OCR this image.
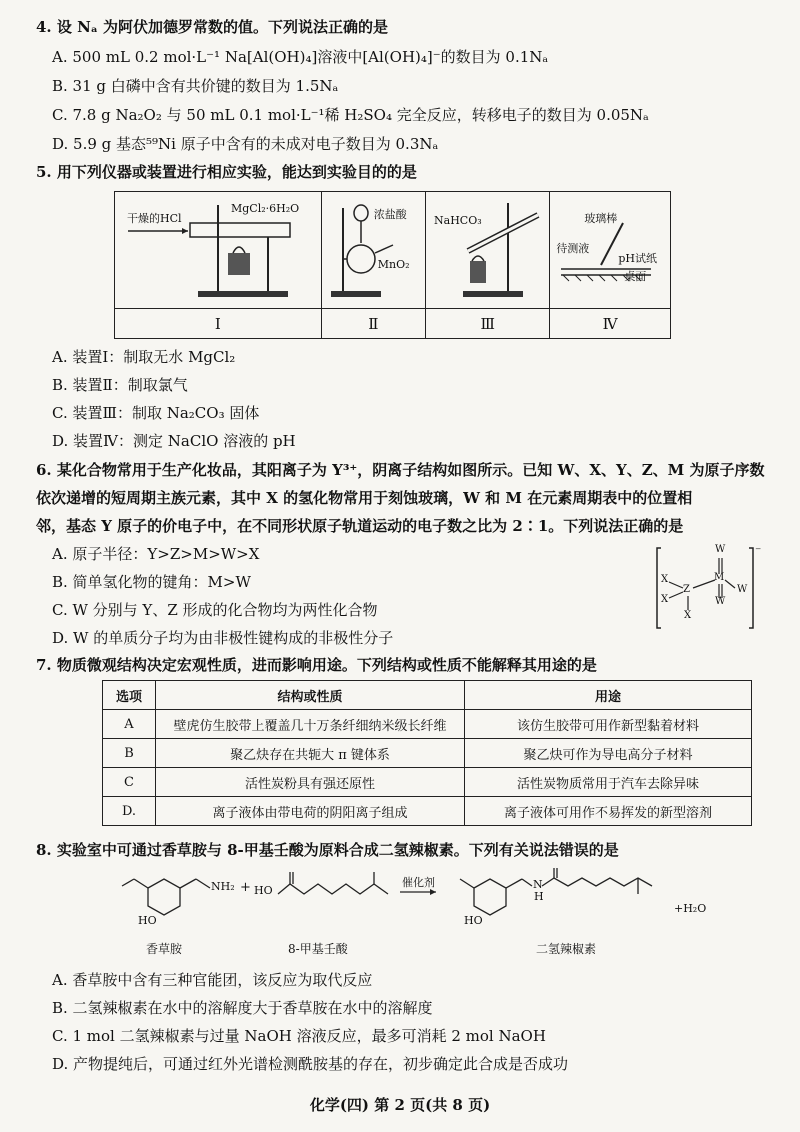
4. 设 Nₐ 为阿伏加德罗常数的值。下列说法正确的是
A. 500 mL 0.2 mol·L⁻¹ Na[Al(OH)₄]溶液中[Al(OH)₄]⁻的数目为 0.1Nₐ
B. 31 g 白磷中含有共价键的数目为 1.5Nₐ
C. 7.8 g Na₂O₂ 与 50 mL 0.1 mol·L⁻¹稀 H₂SO₄ 完全反应，转移电子的数目为 0.05Nₐ
D. 5.9 g 基态⁵⁹Ni 原子中含有的未成对电子数目为 0.3Nₐ
5. 用下列仪器或装置进行相应实验，能达到实验目的的是
干燥的HCl
MgCl₂·6H₂O	浓盐酸
MnO₂	NaHCO₃	玻璃棒
待测液
pH试纸
桌面

Ⅰ	Ⅱ	Ⅲ	Ⅳ
A. 装置Ⅰ：制取无水 MgCl₂
B. 装置Ⅱ：制取氯气
C. 装置Ⅲ：制取 Na₂CO₃ 固体
D. 装置Ⅳ：测定 NaClO 溶液的 pH
6. 某化合物常用于生产化妆品，其阳离子为 Y³⁺，阴离子结构如图所示。已知 W、X、Y、Z、M 为原子序数
依次递增的短周期主族元素，其中 X 的氢化物常用于刻蚀玻璃，W 和 M 在元素周期表中的位置相
邻，基态 Y 原子的价电子中，在不同形状原子轨道运动的电子数之比为 2∶1。下列说法正确的是
A. 原子半径：Y>Z>M>W>X
B. 简单氢化物的键角：M>W
C. W 分别与 Y、Z 形成的化合物均为两性化合物
D. W 的单质分子均为由非极性键构成的非极性分子
W
M
W
W
Z
X
X
X
⁻
7. 物质微观结构决定宏观性质，进而影响用途。下列结构或性质不能解释其用途的是
选项	结构或性质	用途
A	壁虎仿生胶带上覆盖几十万条纤细纳米级长纤维	该仿生胶带可用作新型黏着材料
B	聚乙炔存在共轭大 π 键体系	聚乙炔可作为导电高分子材料
C	活性炭粉具有强还原性	活性炭物质常用于汽车去除异味
D.	离子液体由带电荷的阴阳离子组成	离子液体可用作不易挥发的新型溶剂
8. 实验室中可通过香草胺与 8-甲基壬酸为原料合成二氢辣椒素。下列有关说法错误的是
NH₂ + HO
HO
催化剂	N
H
HO
+H₂O
香草胺	8-甲基壬酸	二氢辣椒素
A. 香草胺中含有三种官能团，该反应为取代反应
B. 二氢辣椒素在水中的溶解度大于香草胺在水中的溶解度
C. 1 mol 二氢辣椒素与过量 NaOH 溶液反应，最多可消耗 2 mol NaOH
D. 产物提纯后，可通过红外光谱检测酰胺基的存在，初步确定此合成是否成功
化学(四) 第 2 页(共 8 页)
